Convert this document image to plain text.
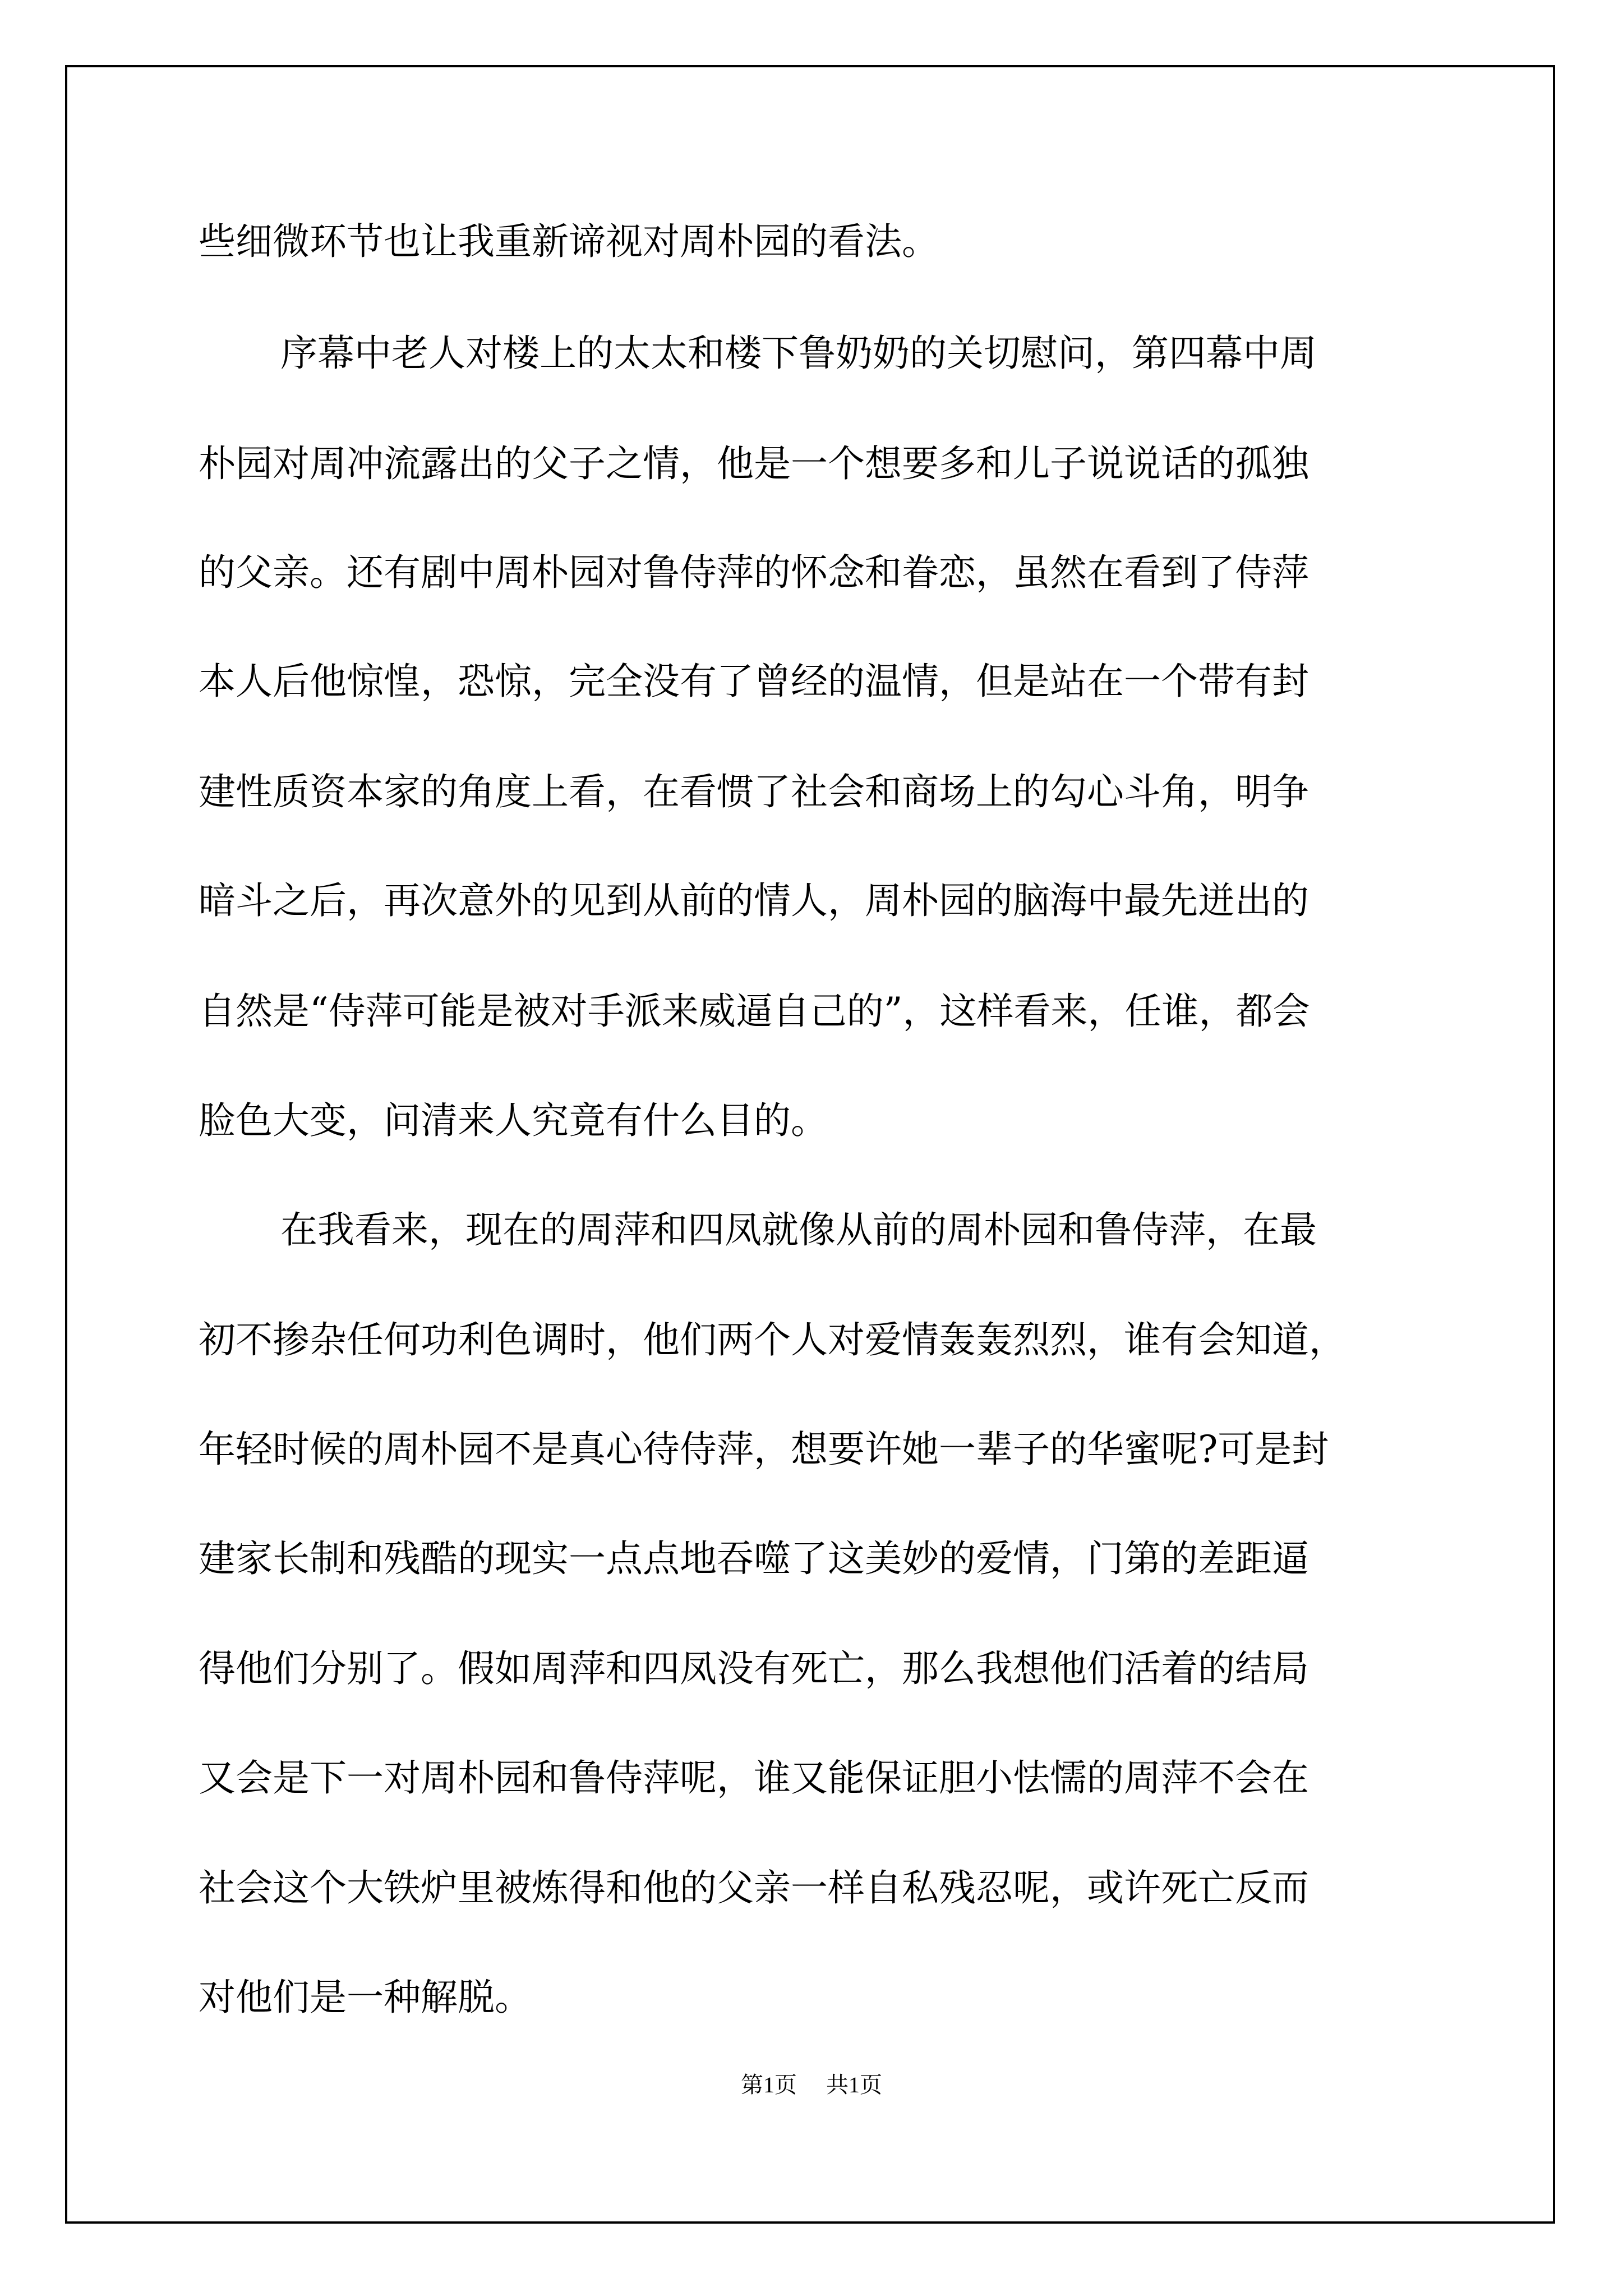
些细微环节也让我重新谛视对周朴园的看法。
序幕中老人对楼上的太太和楼下鲁奶奶的关切慰问，第四幕中周
朴园对周冲流露出的父子之情，他是一个想要多和儿子说说话的孤独
的父亲。还有剧中周朴园对鲁侍萍的怀念和眷恋，虽然在看到了侍萍
本人后他惊惶，恐惊，完全没有了曾经的温情，但是站在一个带有封
建性质资本家的角度上看，在看惯了社会和商场上的勾心斗角，明争
暗斗之后，再次意外的见到从前的情人，周朴园的脑海中最先迸出的
自然是“侍萍可能是被对手派来威逼自己的”，这样看来，任谁，都会
脸色大变，问清来人究竟有什么目的。
在我看来，现在的周萍和四凤就像从前的周朴园和鲁侍萍，在最
初不掺杂任何功利色调时，他们两个人对爱情轰轰烈烈，谁有会知道，
年轻时候的周朴园不是真心待侍萍，想要许她一辈子的华蜜呢?可是封
建家长制和残酷的现实一点点地吞噬了这美妙的爱情，门第的差距逼
得他们分别了。假如周萍和四凤没有死亡，那么我想他们活着的结局
又会是下一对周朴园和鲁侍萍呢，谁又能保证胆小怯懦的周萍不会在
社会这个大铁炉里被炼得和他的父亲一样自私残忍呢，或许死亡反而
对他们是一种解脱。
第1页 共1页
